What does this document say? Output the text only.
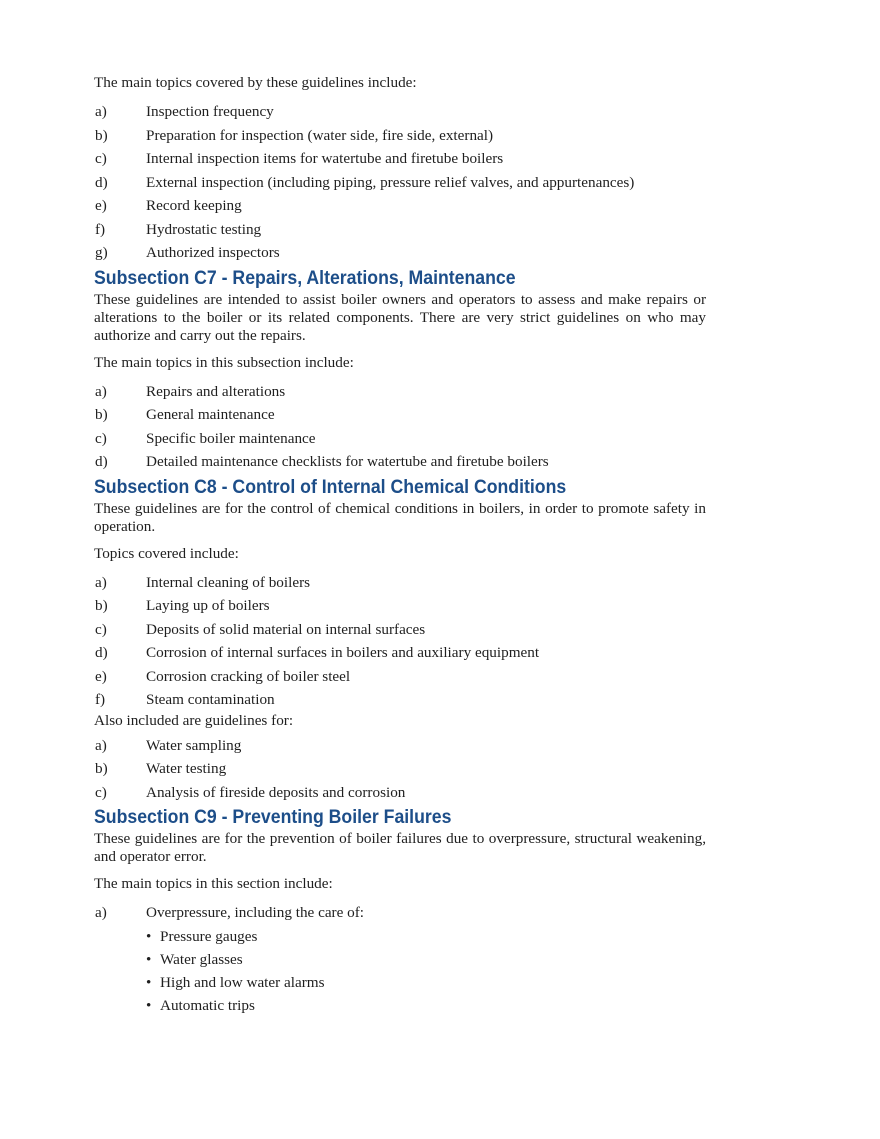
The main topics covered by these guidelines include:

a)	Inspection frequency
b)	Preparation for inspection (water side, fire side, external)
c)	Internal inspection items for watertube and firetube boilers
d)	External inspection (including piping, pressure relief valves, and appurtenances)
e)	Record keeping
f)	Hydrostatic testing
g)	Authorized inspectors
Subsection C7 - Repairs, Alterations, Maintenance

These guidelines are intended to assist boiler owners and operators to assess and make repairs or alterations to the boiler or its related components. There are very strict guidelines on who may authorize and carry out the repairs.

The main topics in this subsection include:

a)	Repairs and alterations
b)	General maintenance
c)	Specific boiler maintenance
d)	Detailed maintenance checklists for watertube and firetube boilers
Subsection C8 - Control of Internal Chemical Conditions

These guidelines are for the control of chemical conditions in boilers, in order to promote safety in operation.

Topics covered include:

a)	Internal cleaning of boilers
b)	Laying up of boilers
c)	Deposits of solid material on internal surfaces
d)	Corrosion of internal surfaces in boilers and auxiliary equipment
e)	Corrosion cracking of boiler steel
f)	Steam contamination

Also included are guidelines for:

a)	Water sampling
b)	Water testing
c)	Analysis of fireside deposits and corrosion
Subsection C9 - Preventing Boiler Failures

These guidelines are for the prevention of boiler failures due to overpressure, structural weakening, and operator error.

The main topics in this section include:

a)	Overpressure, including the care of:
• Pressure gauges
• Water glasses
• High and low water alarms
• Automatic trips
